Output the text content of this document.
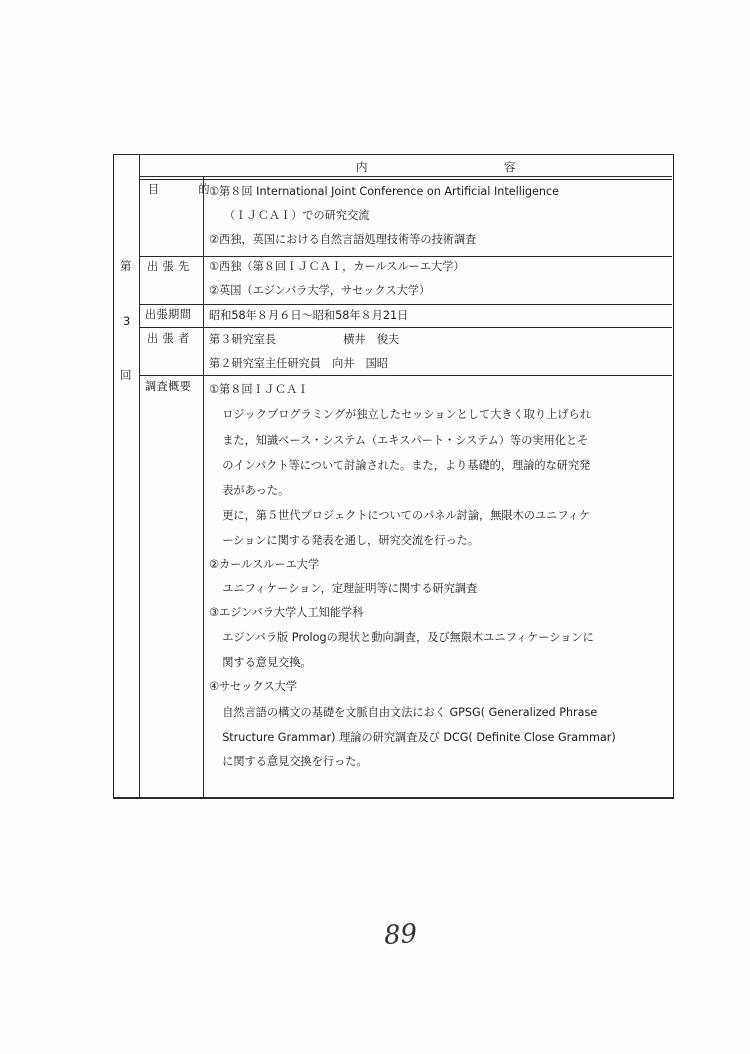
内	容
第
3
回
目　的
①第８回 International Joint Conference on Artificial Intelligence
（ＩＪＣＡＩ）での研究交流
②西独，英国における自然言語処理技術等の技術調査
出 張 先 ①西独（第８回ＩＪＣＡＩ，カールスルーエ大学）
②英国（エジンバラ大学，サセックス大学）
出張期間 昭和58年８月６日～昭和58年８月21日
出 張 者 第３研究室長　　　　　　横井　俊夫
第２研究室主任研究員　向井　国昭
調査概要 ①第８回ＩＪＣＡＩ
　ロジックプログラミングが独立したセッションとして大きく取り上げられ
　また，知識ベース・システム（エキスパート・システム）等の実用化とそ
　のインパクト等について討論された。また，より基礎的，理論的な研究発
　表があった。
　更に，第５世代プロジェクトについてのパネル討論，無限木のユニフィケ
　ーションに関する発表を通し，研究交流を行った。
②カールスルーエ大学
　ユニフィケーション，定理証明等に関する研究調査
③エジンバラ大学人工知能学科
　エジンバラ版 Prologの現状と動向調査，及び無限木ユニフィケーションに
　関する意見交換。
④サセックス大学
　自然言語の構文の基礎を文脈自由文法におく GPSG( Generalized Phrase
　Structure Grammar) 理論の研究調査及び DCG( Definite Close Grammar)
　に関する意見交換を行った。
89
